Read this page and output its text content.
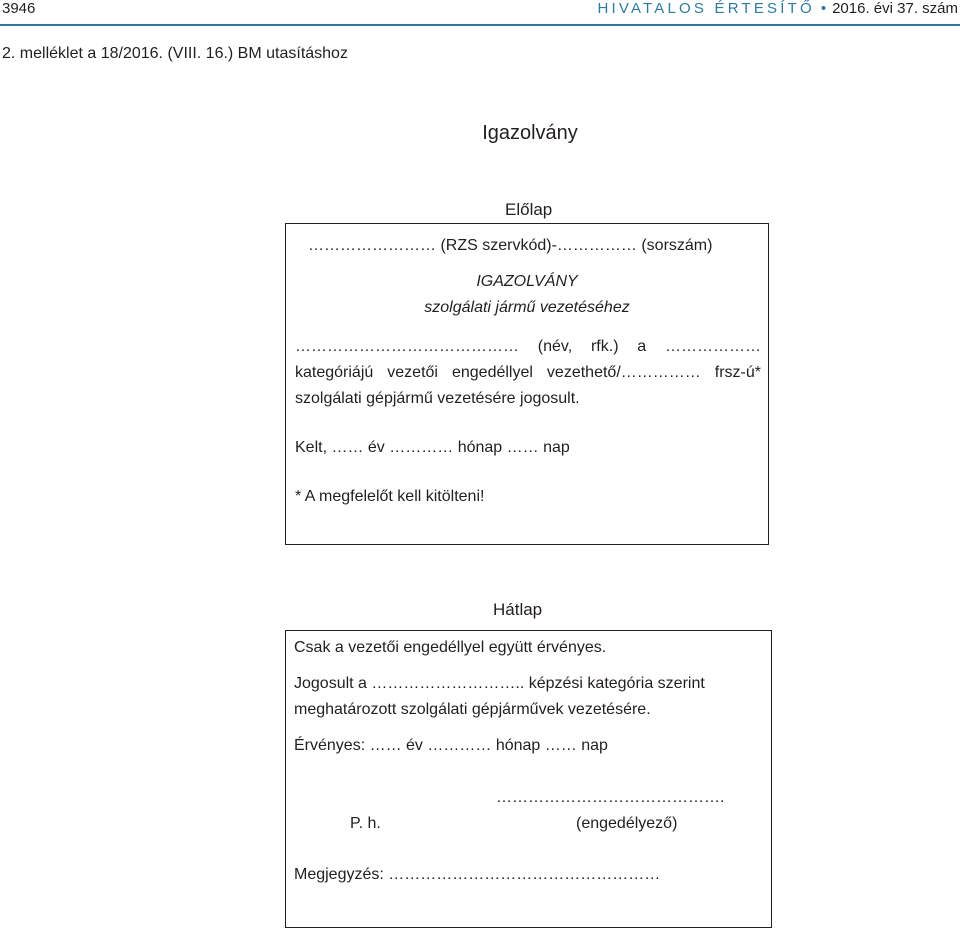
3946	HIVATALOS ÉRTESÍTŐ • 2016. évi 37. szám
2. melléklet a 18/2016. (VIII. 16.) BM utasításhoz
Igazolvány
Előlap
…………………… (RZS szervkód)-…………… (sorszám)
IGAZOLVÁNY
szolgálati jármű vezetéséhez
…………………………………… (név, rfk.) a ………………
kategóriájú vezetői engedéllyel vezethető/…………… frsz-ú*
szolgálati gépjármű vezetésére jogosult.
Kelt, …… év ………… hónap …… nap
* A megfelelőt kell kitölteni!
Hátlap
Csak a vezetői engedéllyel együtt érvényes.
Jogosult a ……………………….. képzési kategória szerint
meghatározott szolgálati gépjárművek vezetésére.
Érvényes: …… év ………… hónap …… nap
…………………………………….
P. h.	(engedélyező)
Megjegyzés: ……………………………………………
